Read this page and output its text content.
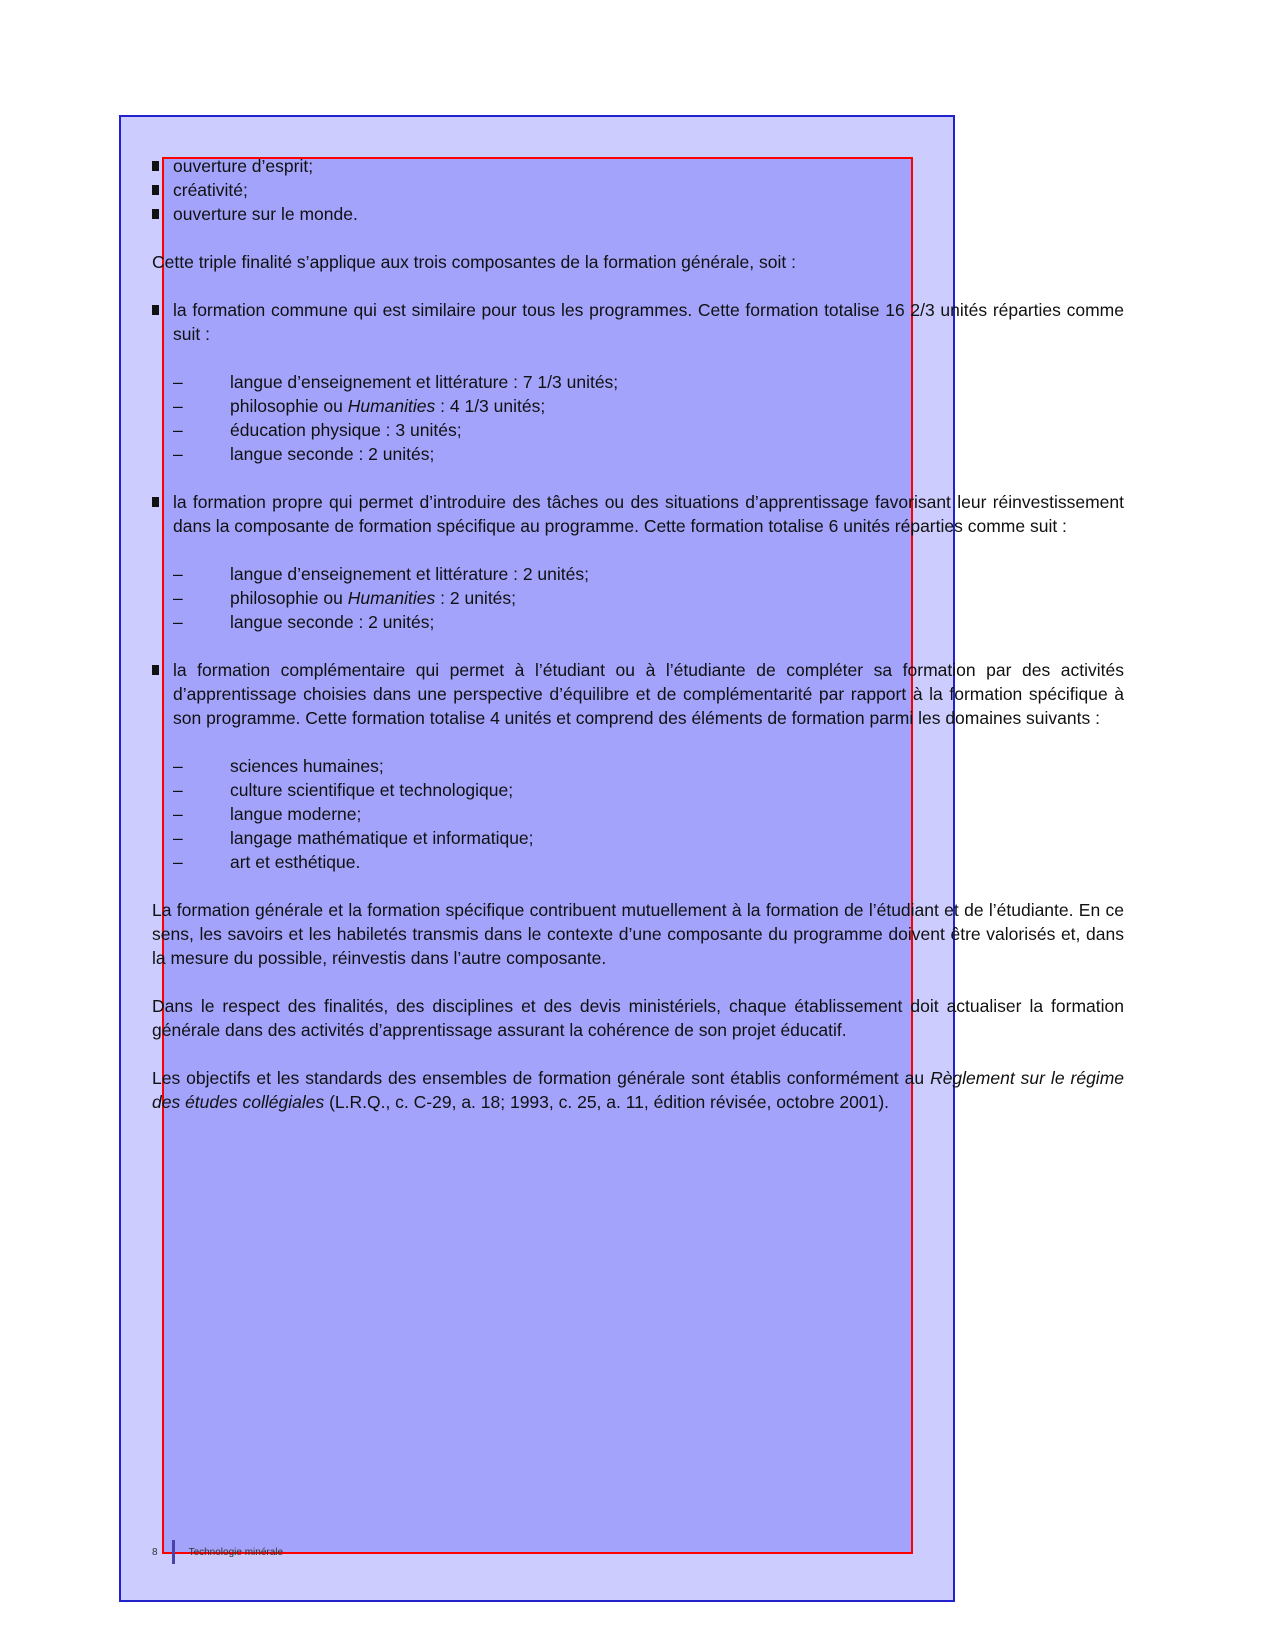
ouverture d’esprit;

créativité;

ouverture sur le monde.

Cette triple finalité s’applique aux trois composantes de la formation générale, soit :

la formation commune qui est similaire pour tous les programmes. Cette formation totalise 16 2/3 unités réparties comme suit :

–	langue d’enseignement et littérature : 7 1/3 unités;

–	philosophie ou Humanities : 4 1/3 unités;

–	éducation physique : 3 unités;

–	langue seconde : 2 unités;

la formation propre qui permet d’introduire des tâches ou des situations d’apprentissage favorisant leur réinvestissement dans la composante de formation spécifique au programme. Cette formation totalise 6 unités réparties comme suit :

–	langue d’enseignement et littérature : 2 unités;

–	philosophie ou Humanities : 2 unités;

–	langue seconde : 2 unités;

la formation complémentaire qui permet à l’étudiant ou à l’étudiante de compléter sa formation par des activités d’apprentissage choisies dans une perspective d’équilibre et de complémentarité par rapport à la formation spécifique à son programme. Cette formation totalise 4 unités et comprend des éléments de formation parmi les domaines suivants :

–	sciences humaines;

–	culture scientifique et technologique;

–	langue moderne;

–	langage mathématique et informatique;

–	art et esthétique.

La formation générale et la formation spécifique contribuent mutuellement à la formation de l’étudiant et de l’étudiante. En ce sens, les savoirs et les habiletés transmis dans le contexte d’une composante du programme doivent être valorisés et, dans la mesure du possible, réinvestis dans l’autre composante.

Dans le respect des finalités, des disciplines et des devis ministériels, chaque établissement doit actualiser la formation générale dans des activités d’apprentissage assurant la cohérence de son projet éducatif.

Les objectifs et les standards des ensembles de formation générale sont établis conformément au Règlement sur le régime des études collégiales (L.R.Q., c. C-29, a. 18; 1993, c. 25, a. 11, édition révisée, octobre 2001).

8	Technologie minérale
